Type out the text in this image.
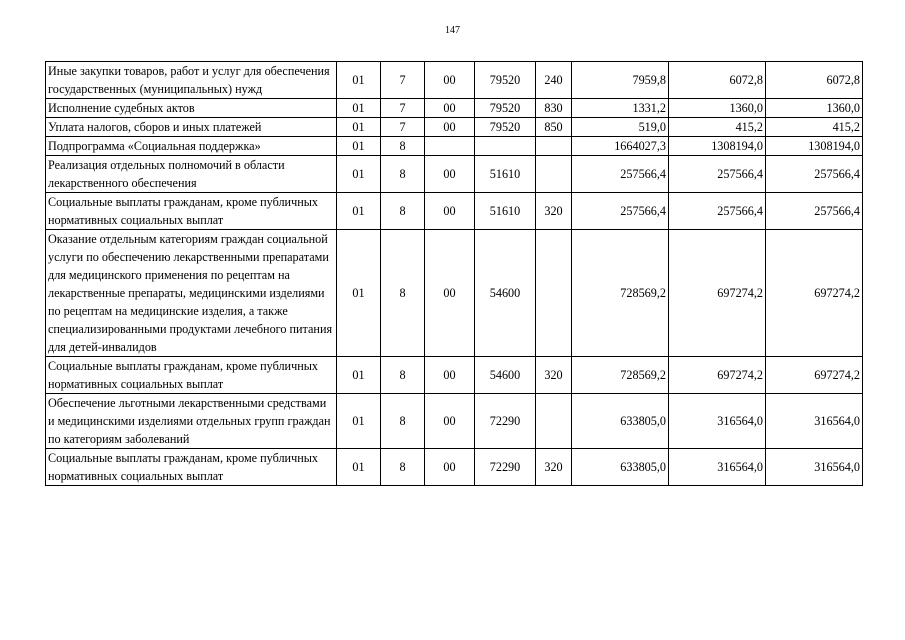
147
Иные закупки товаров, работ и услуг для обеспечения государственных (муниципальных) нужд	01	7	00	79520	240	7959,8	6072,8	6072,8
Исполнение судебных актов	01	7	00	79520	830	1331,2	1360,0	1360,0
Уплата налогов, сборов и иных платежей	01	7	00	79520	850	519,0	415,2	415,2
Подпрограмма «Социальная поддержка»	01	8				1664027,3	1308194,0	1308194,0
Реализация отдельных полномочий в области лекарственного обеспечения	01	8	00	51610		257566,4	257566,4	257566,4
Социальные выплаты гражданам, кроме публичных нормативных социальных выплат	01	8	00	51610	320	257566,4	257566,4	257566,4
Оказание отдельным категориям граждан социальной услуги по обеспечению лекарственными препаратами для медицинского применения по рецептам на лекарственные препараты, медицинскими изделиями по рецептам на медицинские изделия, а также специализированными продуктами лечебного питания для детей-инвалидов	01	8	00	54600		728569,2	697274,2	697274,2
Социальные выплаты гражданам, кроме публичных нормативных социальных выплат	01	8	00	54600	320	728569,2	697274,2	697274,2
Обеспечение льготными лекарственными средствами и медицинскими изделиями отдельных групп граждан по категориям заболеваний	01	8	00	72290		633805,0	316564,0	316564,0
Социальные выплаты гражданам, кроме публичных нормативных социальных выплат	01	8	00	72290	320	633805,0	316564,0	316564,0
